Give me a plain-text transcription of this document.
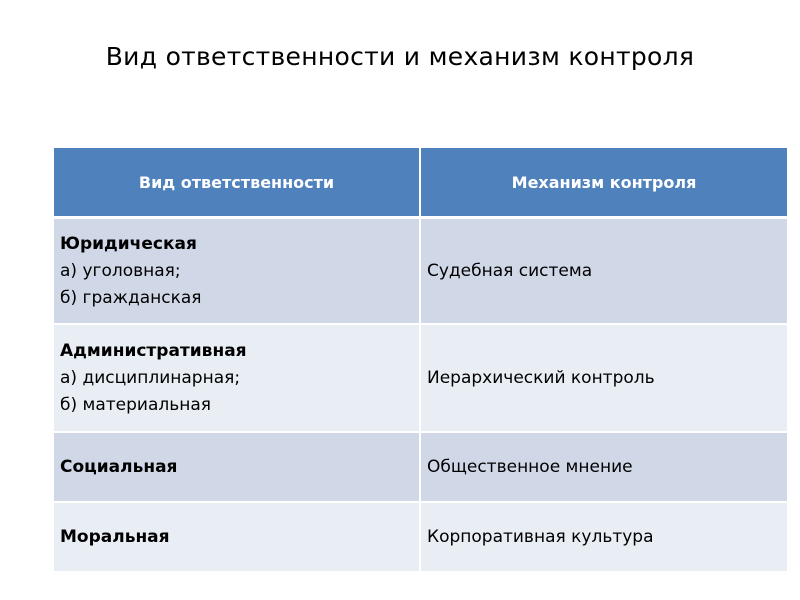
Вид ответственности и механизм контроля
Вид ответственности	Механизм контроля

Юридическая
а) уголовная;
б) гражданская	Судебная система

Административная
а) дисциплинарная;
б) материальная	Иерархический контроль

Социальная	Общественное мнение

Моральная	Корпоративная культура
